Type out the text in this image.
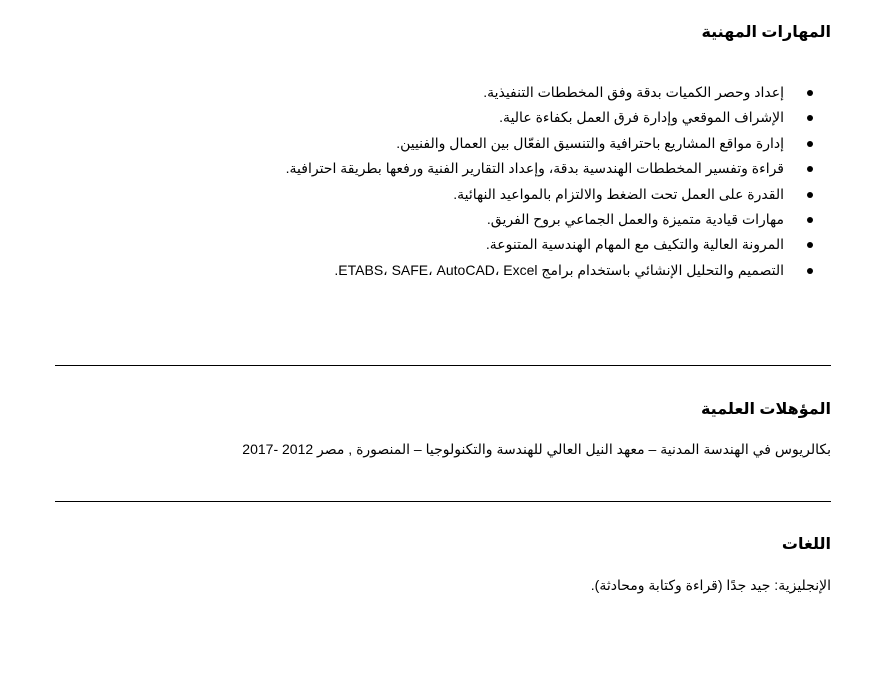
المهارات المهنية
إعداد وحصر الكميات بدقة وفق المخططات التنفيذية.
الإشراف الموقعي وإدارة فرق العمل بكفاءة عالية.
إدارة مواقع المشاريع باحترافية والتنسيق الفعّال بين العمال والفنيين.
قراءة وتفسير المخططات الهندسية بدقة، وإعداد التقارير الفنية ورفعها بطريقة احترافية.
القدرة على العمل تحت الضغط والالتزام بالمواعيد النهائية.
مهارات قيادية متميزة والعمل الجماعي بروح الفريق.
المرونة العالية والتكيف مع المهام الهندسية المتنوعة.
التصميم والتحليل الإنشائي باستخدام برامج ETABS، SAFE، AutoCAD، Excel.
المؤهلات العلمية

بكالريوس في الهندسة المدنية – معهد النيل العالي للهندسة والتكنولوجيا – المنصورة , مصر 2012 -2017

اللغات

الإنجليزية: جيد جدًا (قراءة وكتابة ومحادثة).
